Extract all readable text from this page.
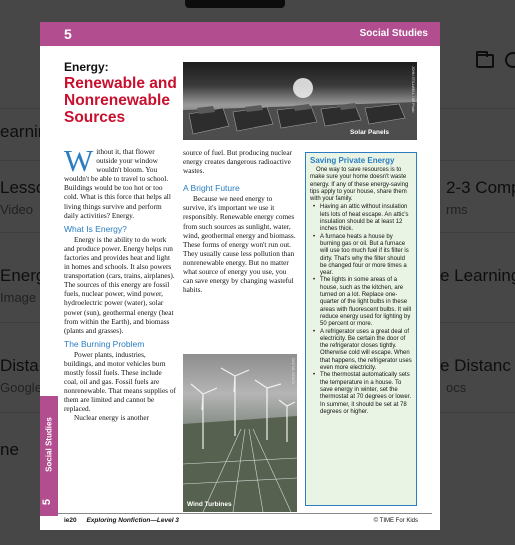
5	Social Studies
Social Studies
5
Energy:
Renewable and Nonrenewable Sources
Solar Panels
JOHN STILLWELL / AP Photo
W ithout it, that flower outside your window wouldn't bloom. You wouldn't be able to travel to school. Buildings would be too hot or too cold. What is this force that helps all living things survive and perform daily activities? Energy.
What Is Energy?

Energy is the ability to do work and produce power. Energy helps run factories and provides heat and light in homes and schools. It also powers transportation (cars, trains, airplanes). The sources of this energy are fossil fuels, nuclear power, wind power, hydroelectric power (water), solar power (sun), geothermal energy (heat from within the Earth), and biomass (plants and grasses).

The Burning Problem

Power plants, industries, buildings, and motor vehicles burn mostly fossil fuels. These include coal, oil and gas. Fossil fuels are nonrenewable. That means supplies of them are limited and cannot be replaced.

Nuclear energy is another

source of fuel. But producing nuclear energy creates dangerous radioactive wastes.

A Bright Future

Because we need energy to survive, it's important we use it responsibly. Renewable energy comes from such sources as sunlight, water, wind, geothermal energy and biomass. These forms of energy won't run out. They usually cause less pollution than nonrenewable energy. But no matter what source of energy you use, you can save energy by changing wasteful habits.

Wind Turbines
DIGITAL STOCK
Saving Private Energy

One way to save resources is to make sure your home doesn't waste energy. If any of these energy-saving tips apply to your house, share them with your family.

• Having an attic without insulation lets lots of heat escape. An attic's insulation should be at least 12 inches thick.
• A furnace heats a house by burning gas or oil. But a furnace will use too much fuel if its filter is dirty. That's why the filter should be changed four or more times a year.
• The lights in some areas of a house, such as the kitchen, are turned on a lot. Replace one-quarter of the light bulbs in these areas with fluorescent bulbs. It will reduce energy used for lighting by 50 percent or more.
• A refrigerator uses a great deal of electricity. Be certain the door of the refrigerator closes tightly. Otherwise cold will escape. When that happens, the refrigerator uses even more electricity.
• The thermostat automatically sets the temperature in a house. To save energy in winter, set the thermostat at 70 degrees or lower. In summer, it should be set at 78 degrees or higher.
ie20 Exploring Nonfiction—Level 3	© TIME For Kids
